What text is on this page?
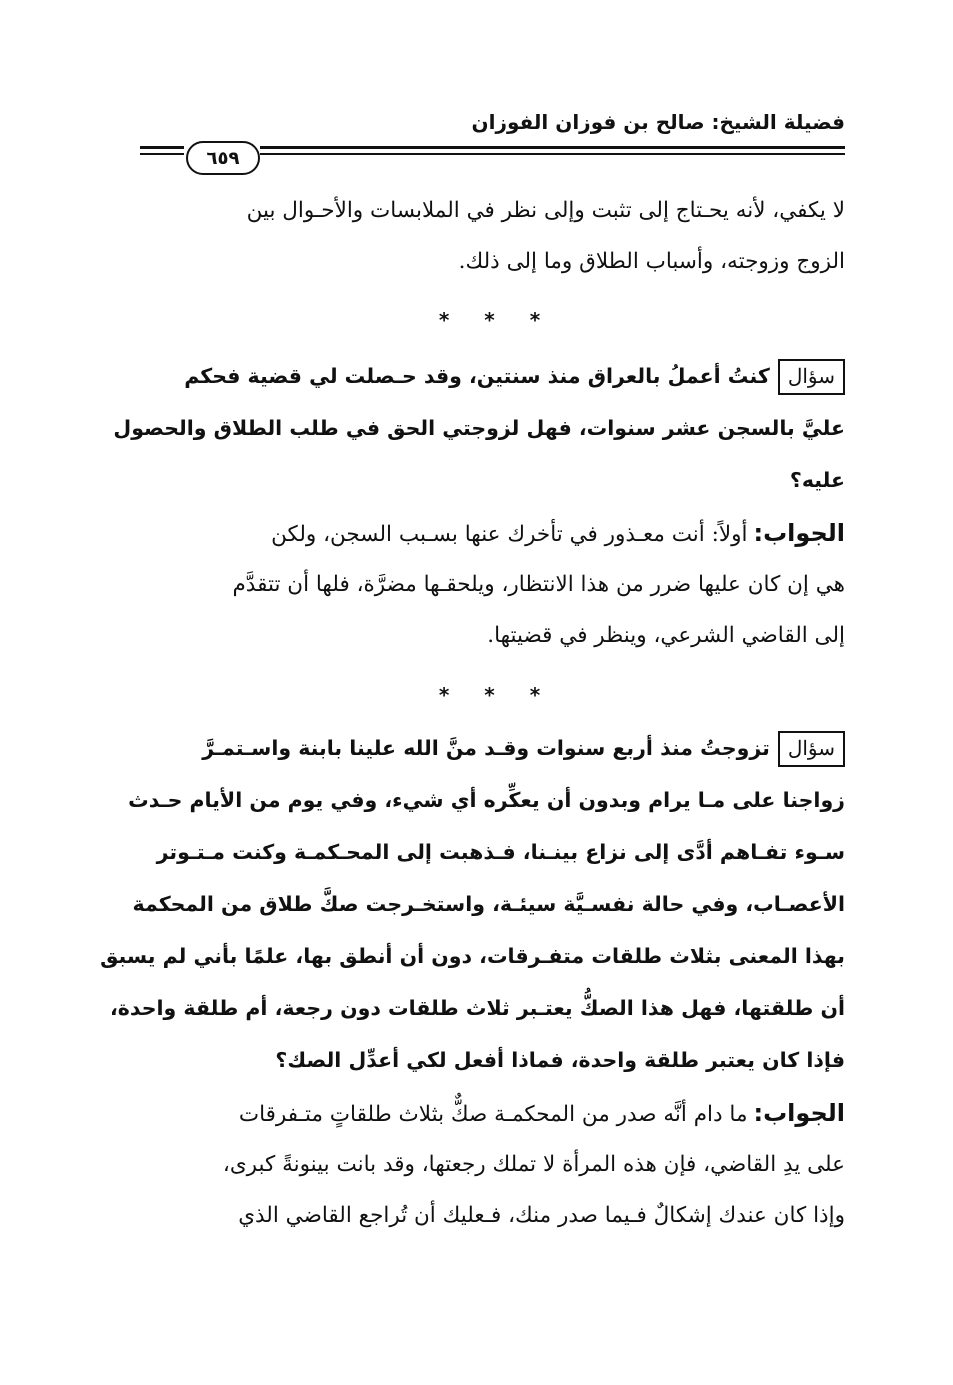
فضيلة الشيخ: صالح بن فوزان الفوزان
٦٥٩
لا يكفي، لأنه يحـتاج إلى تثبت وإلى نظر في الملابسات والأحـوال بين
الزوج وزوجته، وأسباب الطلاق وما إلى ذلك.
* * *
سؤالكنتُ أعملُ بالعراق منذ سنتين، وقد حـصلت لي قضية فحكم
عليَّ بالسجن عشر سنوات، فهل لزوجتي الحق في طلب الطلاق والحصول
عليه؟
الجواب:أولاً: أنت معـذور في تأخرك عنها بسـبب السجن، ولكن
هي إن كان عليها ضرر من هذا الانتظار، ويلحقـها مضرَّة، فلها أن تتقدَّم
إلى القاضي الشرعي، وينظر في قضيتها.
* * *
سؤالتزوجتُ منذ أربع سنوات وقـد منَّ الله علينا بابنة واسـتمـرَّ
زواجنا على مـا يرام وبدون أن يعكِّره أي شيء، وفي يوم من الأيام حـدث
سـوء تفـاهم أدَّى إلى نزاع بينـنا، فـذهبت إلى المحـكمـة وكنت مـتـوتر
الأعصـاب، وفي حالة نفسـيَّة سيئـة، واستخـرجت صكَّ طلاق من المحكمة
بهذا المعنى بثلاث طلقات متفـرقات، دون أن أنطق بها، علمًا بأني لم يسبق
أن طلقتها، فهل هذا الصكُّ يعتـبر ثلاث طلقات دون رجعة، أم طلقة واحدة،
فإذا كان يعتبر طلقة واحدة، فماذا أفعل لكي أعدِّل الصك؟
الجواب:ما دام أنَّه صدر من المحكمـة صكٌّ بثلاث طلقاتٍ متـفرقات
على يدِ القاضي، فإن هذه المرأة لا تملك رجعتها، وقد بانت بينونةً كبرى،
وإذا كان عندك إشكالٌ فـيما صدر منك، فـعليك أن تُراجع القاضي الذي
